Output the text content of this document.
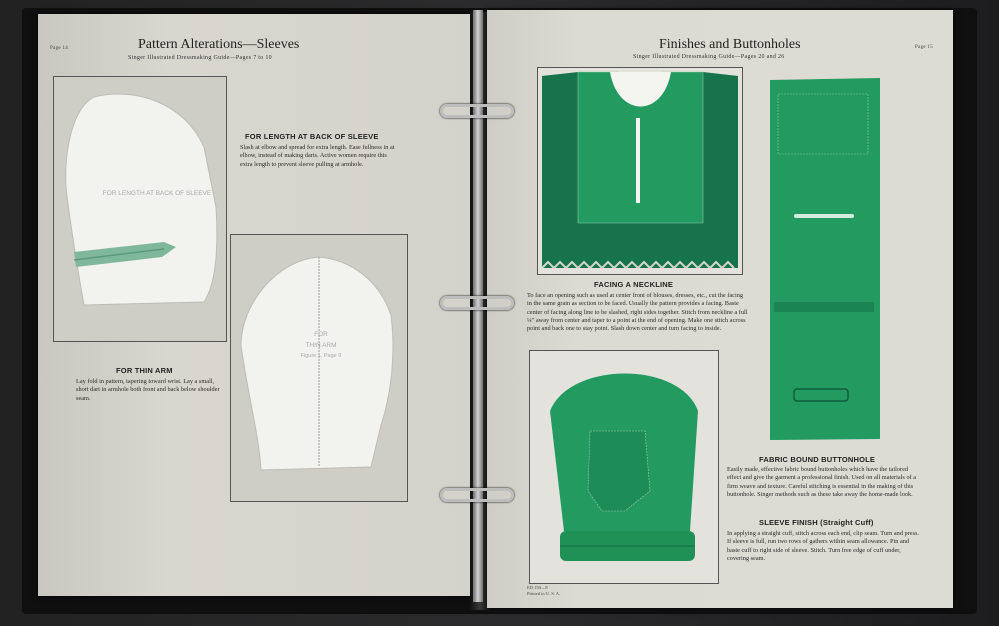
Page 14	Pattern Alterations—Sleeves
Singer Illustrated Dressmaking Guide—Pages 7 to 10
FOR LENGTH AT BACK OF SLEEVE
FOR LENGTH AT BACK OF SLEEVE
Slash at elbow and spread for extra length. Ease fullness in at elbow, instead of making darts. Active women require this extra length to prevent sleeve pulling at armhole.
FOR
THIN ARM
Figure 1, Page 9
FOR THIN ARM
Lay fold in pattern, tapering toward wrist. Lay a small, short dart in armhole both front and back below shoulder seam.
Finishes and Buttonholes	Page 15
Singer Illustrated Dressmaking Guide—Pages 20 and 26
FACING A NECKLINE
To face an opening such as used at center front of blouses, dresses, etc., cut the facing in the same grain as section to be faced. Usually the pattern provides a facing. Baste center of facing along line to be slashed, right sides together. Stitch from neckline a full ¼" away from center and taper to a point at the end of opening. Make one stitch across point and back one to stay point. Slash down center and turn facing to inside.
FABRIC BOUND BUTTONHOLE
Easily made, effective fabric bound buttonholes which have the tailored effect and give the garment a professional finish. Used on all materials of a firm weave and texture. Careful stitching is essential in the making of this buttonhole. Singer methods such as these take away the home-made look.
SLEEVE FINISH (Straight Cuff)
In applying a straight cuff, stitch across each end, clip seam. Turn and press. If sleeve is full, run two rows of gathers within seam allowance. Pin and baste cuff to right side of sleeve. Stitch. Turn free edge of cuff under, covering seam.
ED 150—8
Printed in U. S. A.
